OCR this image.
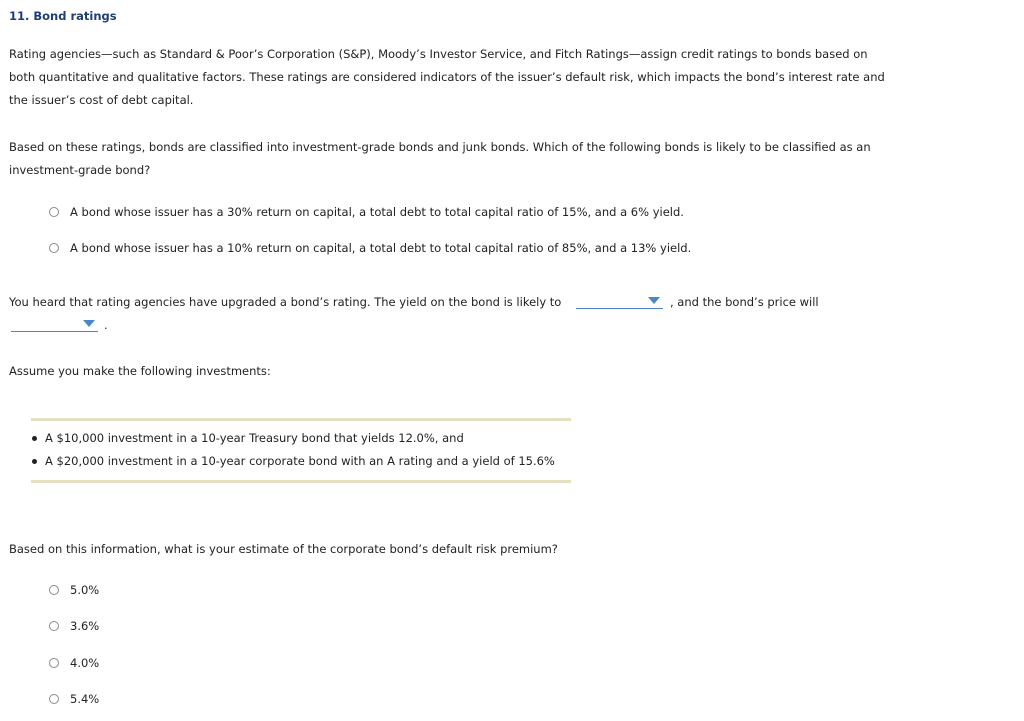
11. Bond ratings
Rating agencies—such as Standard & Poor’s Corporation (S&P), Moody’s Investor Service, and Fitch Ratings—assign credit ratings to bonds based on
both quantitative and qualitative factors. These ratings are considered indicators of the issuer’s default risk, which impacts the bond’s interest rate and
the issuer’s cost of debt capital.
Based on these ratings, bonds are classified into investment-grade bonds and junk bonds. Which of the following bonds is likely to be classified as an
investment-grade bond?
A bond whose issuer has a 30% return on capital, a total debt to total capital ratio of 15%, and a 6% yield.
A bond whose issuer has a 10% return on capital, a total debt to total capital ratio of 85%, and a 13% yield.
You heard that rating agencies have upgraded a bond’s rating. The yield on the bond is likely to	, and the bond’s price will
.
Assume you make the following investments:
A $10,000 investment in a 10-year Treasury bond that yields 12.0%, and
A $20,000 investment in a 10-year corporate bond with an A rating and a yield of 15.6%
Based on this information, what is your estimate of the corporate bond’s default risk premium?
5.0%
3.6%
4.0%
5.4%
